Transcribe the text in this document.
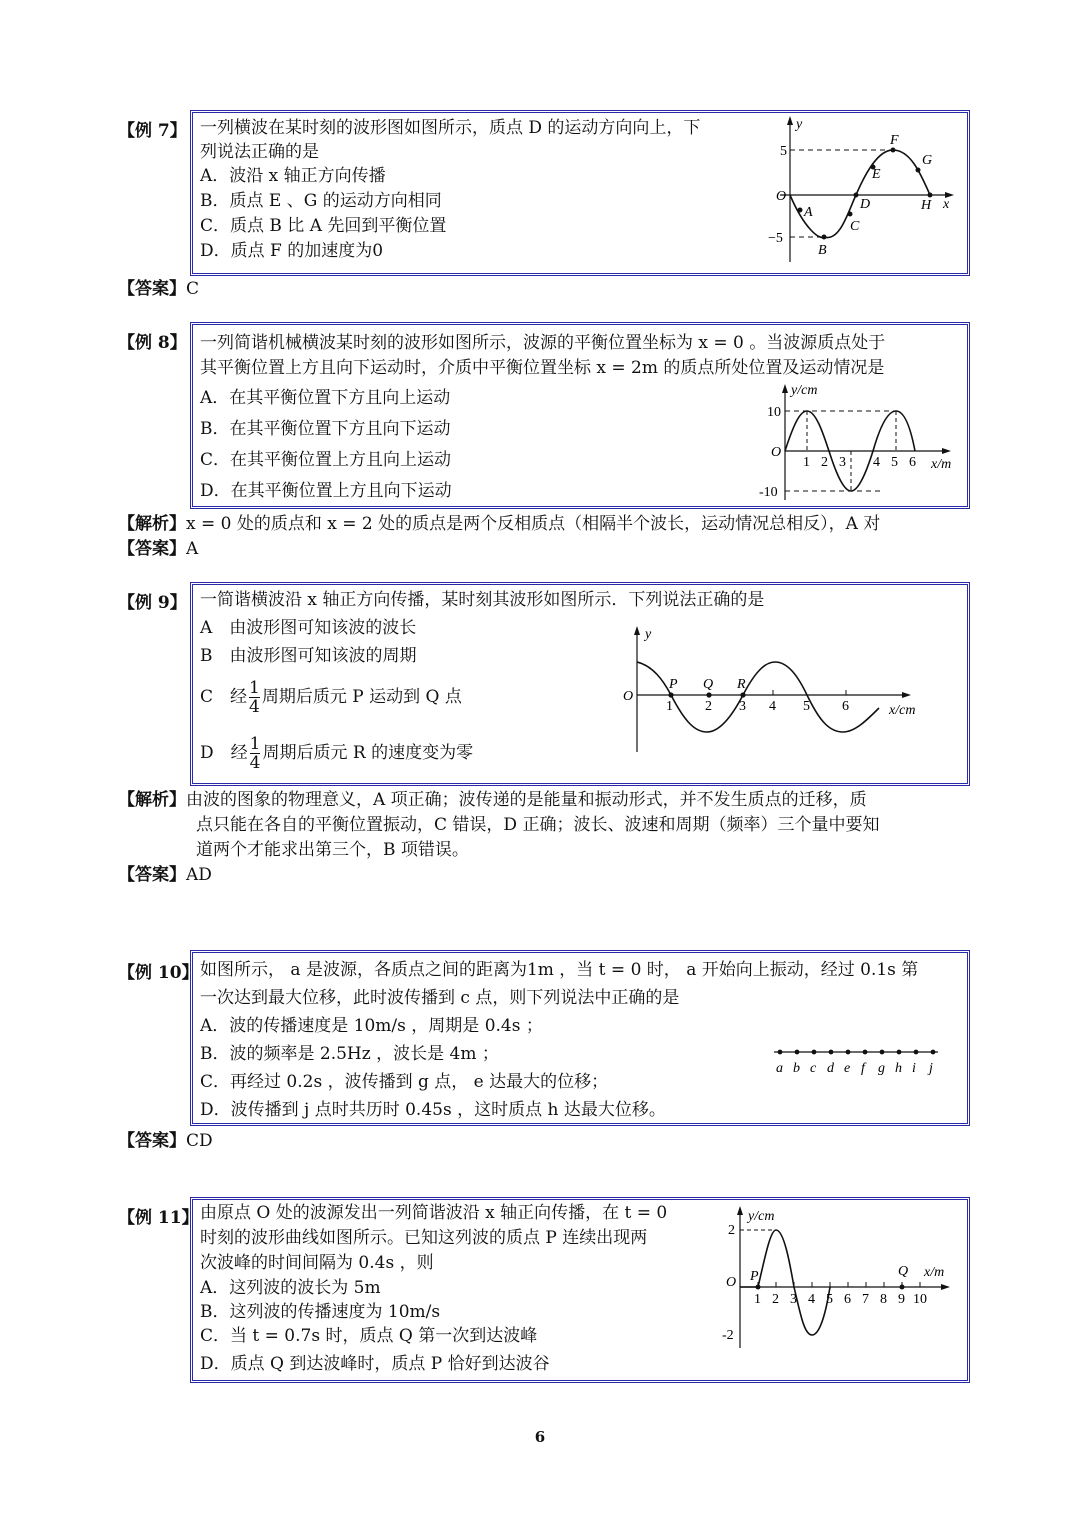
【例 7】 一列横波在某时刻的波形图如图所示，质点 D 的运动方向向上，下
列说法正确的是
A．波沿 x 轴正方向传播
B．质点 E 、G 的运动方向相同
C．质点 B 比 A 先回到平衡位置
D．质点 F 的加速度为0
y
x
O
5
−5
A
B
C
D
E
F
G
H
【答案】C
【例 8】 一列简谐机械横波某时刻的波形如图所示，波源的平衡位置坐标为 x = 0 。当波源质点处于
其平衡位置上方且向下运动时，介质中平衡位置坐标 x = 2m 的质点所处位置及运动情况是
A．在其平衡位置下方且向上运动
B．在其平衡位置下方且向下运动
C．在其平衡位置上方且向上运动
D．在其平衡位置上方且向下运动
y/cm
x/m
O
10
-10
1 2 3 4 5 6
【解析】x = 0 处的质点和 x = 2 处的质点是两个反相质点（相隔半个波长，运动情况总相反），A 对
【答案】A
【例 9】 一简谐横波沿 x 轴正方向传播，某时刻其波形如图所示．下列说法正确的是
A　由波形图可知该波的波长
B　由波形图可知该波的周期
C　经 $\frac{1}{4}$ 周期后质元 P 运动到 Q 点
D　经 $\frac{1}{4}$ 周期后质元 R 的速度变为零
y
x/cm
O
P Q R
1 2 3 4 5 6
【解析】由波的图象的物理意义，A 项正确；波传递的是能量和振动形式，并不发生质点的迁移，质
点只能在各自的平衡位置振动，C 错误，D 正确；波长、波速和周期（频率）三个量中要知
道两个才能求出第三个，B 项错误。
【答案】AD
【例 10】 如图所示， a 是波源，各质点之间的距离为1m ，当 t = 0 时， a 开始向上振动，经过 0.1s 第
一次达到最大位移，此时波传播到 c 点，则下列说法中正确的是
A．波的传播速度是 10m/s ，周期是 0.4s ；
B．波的频率是 2.5Hz ，波长是 4m ；
C．再经过 0.2s ，波传播到 g 点， e 达最大的位移；
D．波传播到 j 点时共历时 0.45s ，这时质点 h 达最大位移。
a b c d e f g h i j
【答案】CD
【例 11】 由原点 O 处的波源发出一列简谐波沿 x 轴正向传播，在 t = 0
时刻的波形曲线如图所示。已知这列波的质点 P 连续出现两
次波峰的时间间隔为 0.4s ，则
A．这列波的波长为 5m
B．这列波的传播速度为 10m/s
C．当 t = 0.7s 时，质点 Q 第一次到达波峰
D．质点 Q 到达波峰时，质点 P 恰好到达波谷
y/cm
x/m
O
2
-2
P	Q
1 2 3 4 5 6 7 8 9 10
6
